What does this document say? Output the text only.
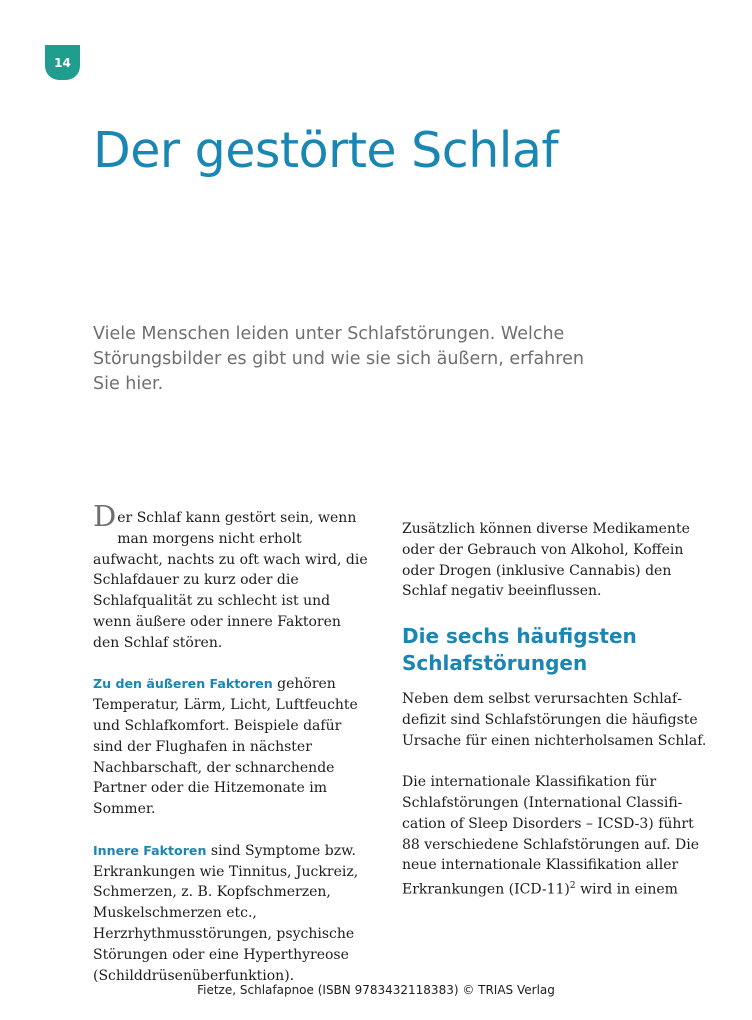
14
Der gestörte Schlaf

Viele Menschen leiden unter Schlafstörungen. Welche Störungsbilder es gibt und wie sie sich äußern, erfahren Sie hier.

Der Schlaf kann gestört sein, wenn man morgens nicht erholt aufwacht, nachts zu oft wach wird, die Schlafdauer zu kurz oder die Schlafqualität zu schlecht ist und wenn äußere oder innere Faktoren den Schlaf stören.

Zu den äußeren Faktoren gehören Temperatur, Lärm, Licht, Luftfeuchte und Schlafkomfort. Beispiele dafür sind der Flughafen in nächster Nachbarschaft, der schnarchende Partner oder die Hitzemonate im Sommer.

Innere Faktoren sind Symptome bzw. Erkrankungen wie Tinnitus, Juckreiz, Schmerzen, z. B. Kopfschmerzen, Muskelschmerzen etc., Herzrhythmusstörungen, psychische Störungen oder eine Hyperthyreose (Schilddrüsenüberfunktion).

Zusätzlich können diverse Medikamente oder der Gebrauch von Alkohol, Koffein oder Drogen (inklusive Cannabis) den Schlaf negativ beeinflussen.

Die sechs häufigsten Schlafstörungen

Neben dem selbst verursachten Schlafdefizit sind Schlafstörungen die häufigste Ursache für einen nichterholsamen Schlaf.

Die internationale Klassifikation für Schlafstörungen (International Classification of Sleep Disorders – ICSD-3) führt 88 verschiedene Schlafstörungen auf. Die neue internationale Klassifikation aller Erkrankungen $(ICD-11)^2$ wird in einem

Fietze, Schlafapnoe (ISBN 9783432118383) © TRIAS Verlag
